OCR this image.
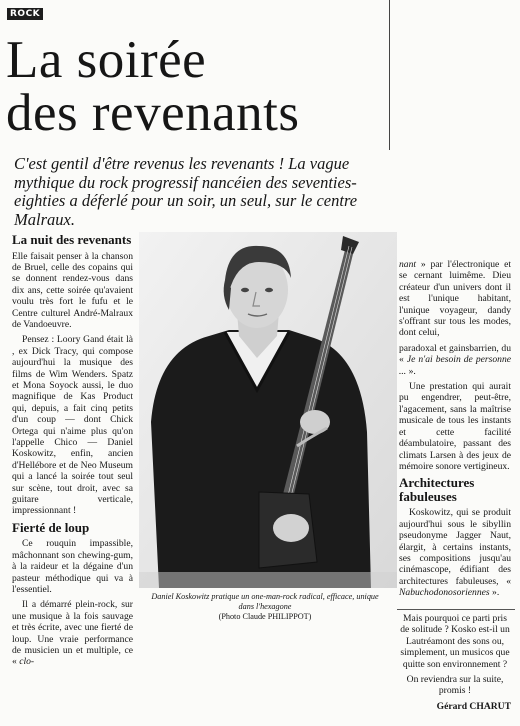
ROCK
La soirée
des revenants
C'est gentil d'être revenus les revenants ! La vague mythique du rock progressif nancéien des seventies-eighties a déferlé pour un soir, un seul, sur le centre Malraux.
La nuit des revenants

Elle faisait penser à la chanson de Bruel, celle des copains qui se donnent rendez-vous dans dix ans, cette soirée qu'avaient voulu très fort le fufu et le Centre culturel André-Malraux de Vandoeuvre.

Pensez : Loory Gand était là , ex Dick Tracy, qui compose aujourd'hui la musique des films de Wim Wenders. Spatz et Mona Soyock aussi, le duo magnifique de Kas Product qui, depuis, a fait cinq petits d'un coup — dont Chick Ortega qui n'aime plus qu'on l'appelle Chico — Daniel Koskowitz, enfin, ancien d'Hellébore et de Neo Museum qui a lancé la soirée tout seul sur scène, tout droit, avec sa guitare verticale, impressionnant !

Fierté de loup

Ce rouquin impassible, mâchonnant son chewing-gum, à la raideur et la dégaine d'un pasteur méthodique qui va à l'essentiel.

Il a démarré plein-rock, sur une musique à la fois sauvage et très écrite, avec une fierté de loup. Une vraie performance de musicien un et multiple, ce « clo-

Daniel Koskowitz pratique un one-man-rock radical, efficace, unique dans l'hexagone
(Photo Claude PHILIPPOT)

nant » par l'électronique et se cernant luimême. Dieu créateur d'un univers dont il est l'unique habitant, l'unique voyageur, dandy s'offrant sur tous les modes, dont celui,

paradoxal et gainsbarrien, du « Je n'ai besoin de personne ... ».

Une prestation qui aurait pu engendrer, peut-être, l'agacement, sans la maîtrise musicale de tous les instants et cette facilité déambulatoire, passant des climats Larsen à des jeux de mémoire sonore vertigineux.

Architectures fabuleuses

Koskowitz, qui se produit aujourd'hui sous le sibyllin pseudonyme Jagger Naut, élargit, à certains instants, ses compositions jusqu'au cinémascope, édifiant des architectures fabuleuses, « Nabuchodonosoriennes ».

Mais pourquoi ce parti pris de solitude ? Kosko est-il un Lautréamont des sons ou, simplement, un musicos que quitte son environnement ?

On reviendra sur la suite, promis !

Gérard CHARUT
